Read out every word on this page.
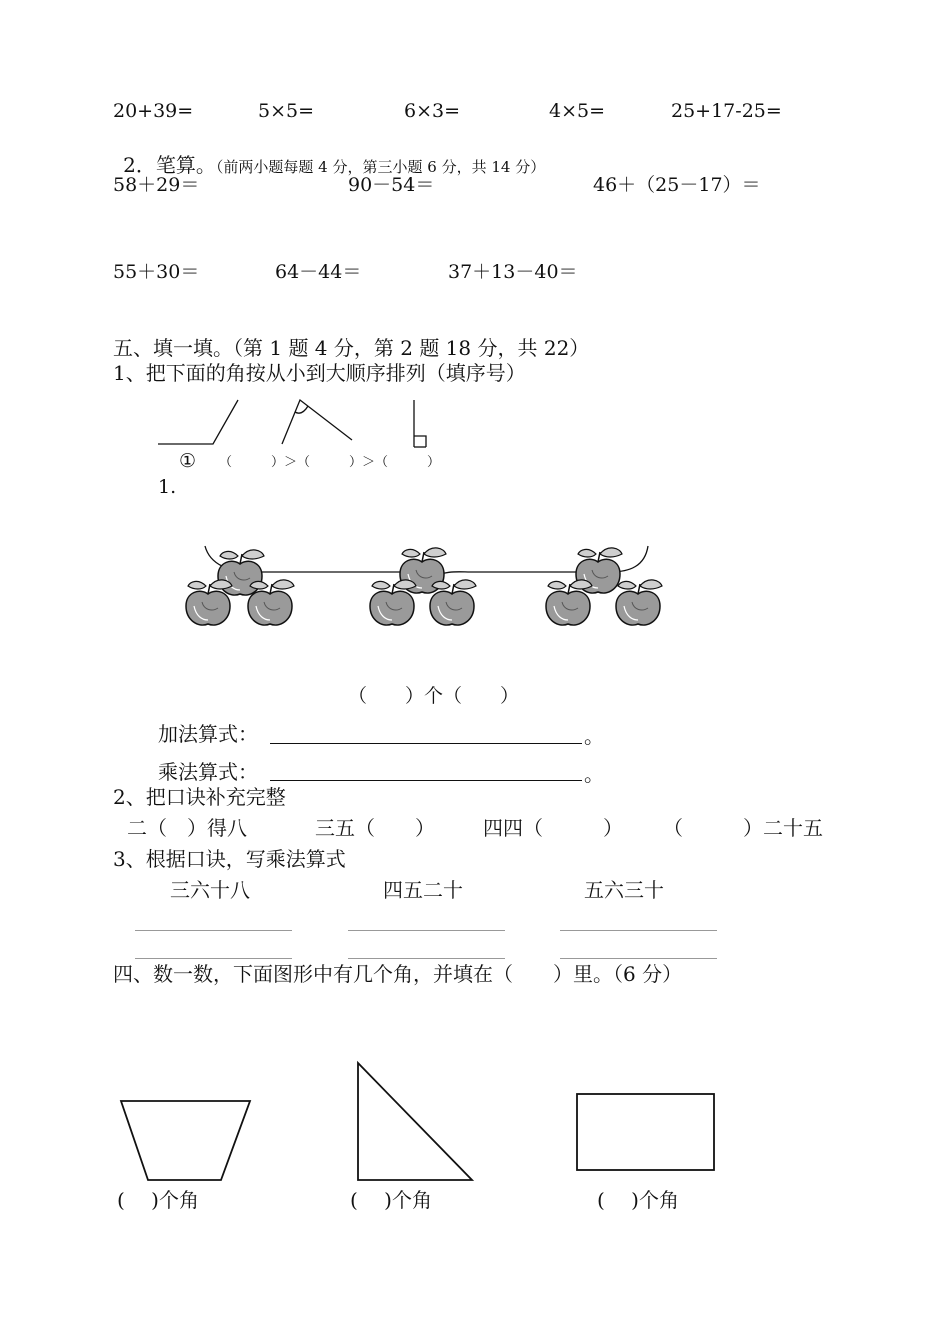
20+39=	5×5=	6×3=	4×5=	25+17-25=

2．笔算。（前两小题每题 4 分，第三小题 6 分，共 14 分）

58＋29＝	90－54＝	46＋（25－17）＝
55＋30＝	64－44＝	37＋13－40＝
五、填一填。（第 1 题 4 分，第 2 题 18 分，共 22）
1、把下面的角按从小到大顺序排列（填序号）
① （　　　）＞（　　　）＞（　　　）
1.
（　　）个（　　）
加法算式：	。
乘法算式：	。
2、把口诀补充完整
二（　）得八	三五（　　） 四四（　　　） （　　　）二十五
3、根据口诀，写乘法算式
三六十八	四五二十	五六三十
四、数一数，下面图形中有几个角，并填在（　　）里。（6 分）
(　 )个角	(　 )个角	(　 )个角
